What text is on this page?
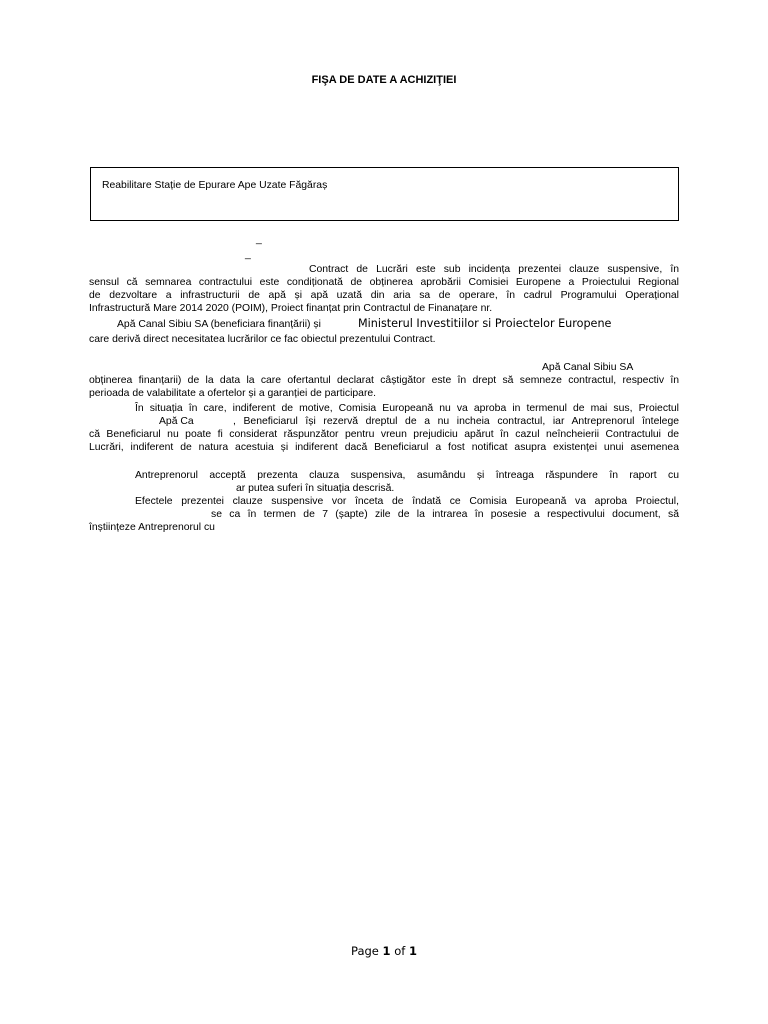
FIŞA DE DATE A ACHIZIŢIEI
Reabilitare Stație de Epurare Ape Uzate Făgăraș
_
_
Contract de Lucrări este sub incidența prezentei clauze suspensive, în
sensul că semnarea contractului este condiționată de obținerea aprobării Comisiei Europene a Proiectului Regional
de dezvoltare a infrastructurii de apă și apă uzată din aria sa de operare, în cadrul Programului Operațional
Infrastructură Mare 2014 2020 (POIM), Proiect finanțat prin Contractul de Finanațare nr.
Apă Canal Sibiu SA (beneficiara finanțării) și	Ministerul Investitiilor si Proiectelor Europene
care derivă direct necesitatea lucrărilor ce fac obiectul prezentului Contract.
Apă Canal Sibiu SA
obținerea finanțarii) de la data la care ofertantul declarat câștigător este în drept să semneze contractul, respectiv în
perioada de valabilitate a ofertelor și a garanției de participare.
În situația în care, indiferent de motive, Comisia Europeană nu va aproba in termenul de mai sus, Proiectul
Apă Ca	, Beneficiarul își rezervă dreptul de a nu incheia contractul, iar Antreprenorul întelege
că Beneficiarul nu poate fi considerat răspunzător pentru vreun prejudiciu apărut în cazul neîncheierii Contractului de
Lucrări, indiferent de natura acestuia și indiferent dacă Beneficiarul a fost notificat asupra existenței unui asemenea
Antreprenorul acceptă prezenta clauza suspensiva, asumându și întreaga răspundere în raport cu
ar putea suferi în situația descrisă.
Efectele prezentei clauze suspensive vor înceta de îndată ce Comisia Europeană va aproba Proiectul,
se ca în termen de 7 (șapte) zile de la intrarea în posesie a respectivului document, să
înștiințeze Antreprenorul cu
Page 1 of 1
